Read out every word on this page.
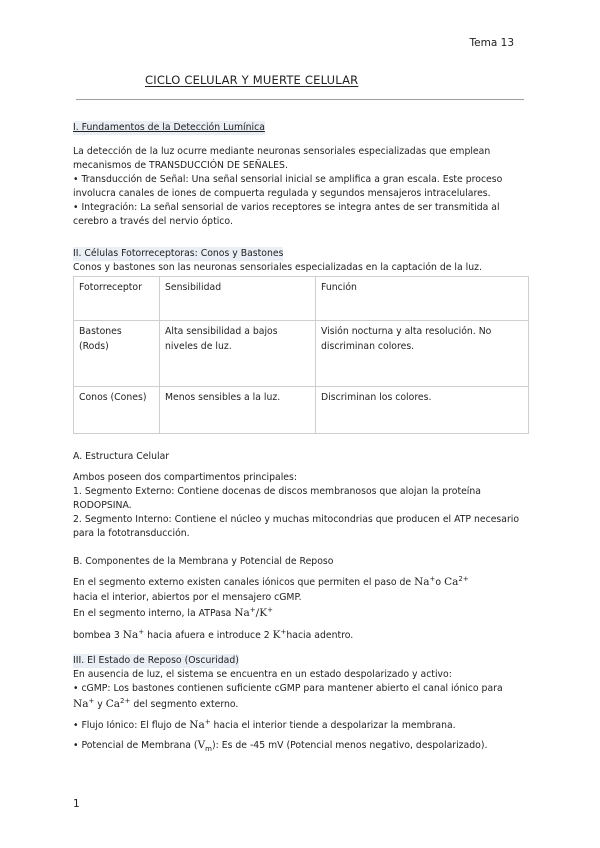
Tema 13
CICLO CELULAR Y MUERTE CELULAR
I. Fundamentos de la Detección Lumínica

La detección de la luz ocurre mediante neuronas sensoriales especializadas que emplean mecanismos de TRANSDUCCIÓN DE SEÑALES.

• Transducción de Señal: Una señal sensorial inicial se amplifica a gran escala. Este proceso involucra canales de iones de compuerta regulada y segundos mensajeros intracelulares.

• Integración: La señal sensorial de varios receptores se integra antes de ser transmitida al cerebro a través del nervio óptico.

II. Células Fotorreceptoras: Conos y Bastones

Conos y bastones son las neuronas sensoriales especializadas en la captación de la luz.

Fotorreceptor	Sensibilidad	Función
Bastones (Rods)	Alta sensibilidad a bajos niveles de luz.	Visión nocturna y alta resolución. No discriminan colores.
Conos (Cones)	Menos sensibles a la luz.	Discriminan los colores.

A. Estructura Celular

Ambos poseen dos compartimentos principales:

1. Segmento Externo: Contiene docenas de discos membranosos que alojan la proteína RODOPSINA.

2. Segmento Interno: Contiene el núcleo y muchas mitocondrias que producen el ATP necesario para la fototransducción.

B. Componentes de la Membrana y Potencial de Reposo

En el segmento externo existen canales iónicos que permiten el paso de Na+o $Ca^{2+}$

hacia el interior, abiertos por el mensajero cGMP.

En el segmento interno, la ATPasa Na+/K+

bombea 3 Na+ hacia afuera e introduce 2 K+hacia adentro.

III. El Estado de Reposo (Oscuridad)

En ausencia de luz, el sistema se encuentra en un estado despolarizado y activo:

• cGMP: Los bastones contienen suficiente cGMP para mantener abierto el canal iónico para

Na+ y $Ca^{2+}$ del segmento externo.

• Flujo Iónico: El flujo de Na+ hacia el interior tiende a despolarizar la membrana.

• Potencial de Membrana $(V_m)$: Es de -45 mV (Potencial menos negativo, despolarizado).

1
